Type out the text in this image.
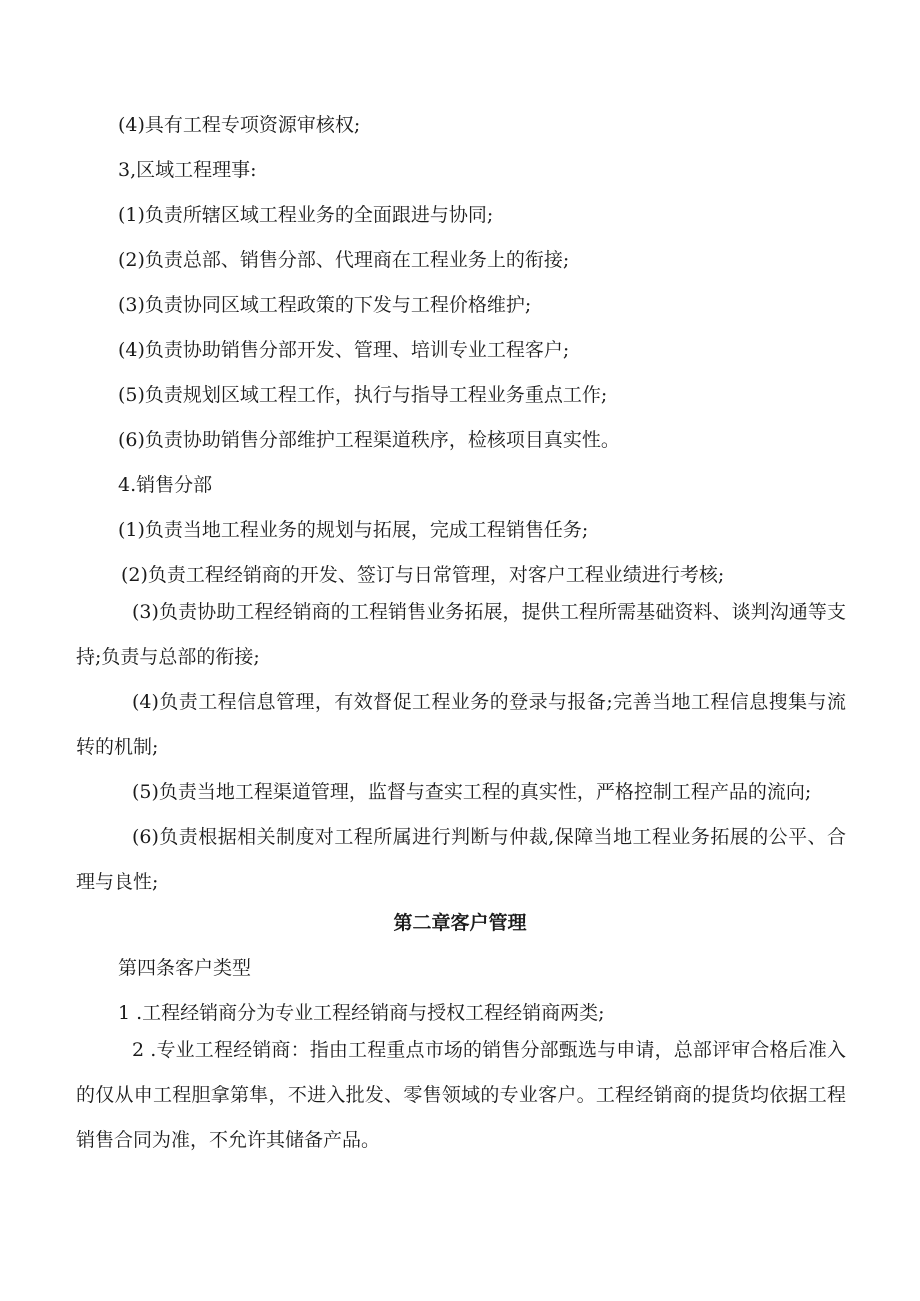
(4)具有工程专项资源审核权;
3,区域工程理事:
(1)负责所辖区域工程业务的全面跟进与协同;
(2)负责总部、销售分部、代理商在工程业务上的衔接;
(3)负责协同区域工程政策的下发与工程价格维护;
(4)负责协助销售分部开发、管理、培训专业工程客户;
(5)负责规划区域工程工作，执行与指导工程业务重点工作;
(6)负责协助销售分部维护工程渠道秩序，检核项目真实性。
4.销售分部
(1)负责当地工程业务的规划与拓展，完成工程销售任务;
(2)负责工程经销商的开发、签订与日常管理，对客户工程业绩进行考核;
(3)负责协助工程经销商的工程销售业务拓展，提供工程所需基础资料、谈判沟通等支持;负责与总部的衔接;
(4)负责工程信息管理，有效督促工程业务的登录与报备;完善当地工程信息搜集与流转的机制;
(5)负责当地工程渠道管理，监督与查实工程的真实性，严格控制工程产品的流向;
(6)负责根据相关制度对工程所属进行判断与仲裁,保障当地工程业务拓展的公平、合理与良性;
第二章客户管理
第四条客户类型
1 .工程经销商分为专业工程经销商与授权工程经销商两类;
2 .专业工程经销商：指由工程重点市场的销售分部甄选与申请，总部评审合格后准入的仅从申工程胆拿第隼，不进入批发、零售领域的专业客户。工程经销商的提货均依据工程销售合同为准，不允许其储备产品。
